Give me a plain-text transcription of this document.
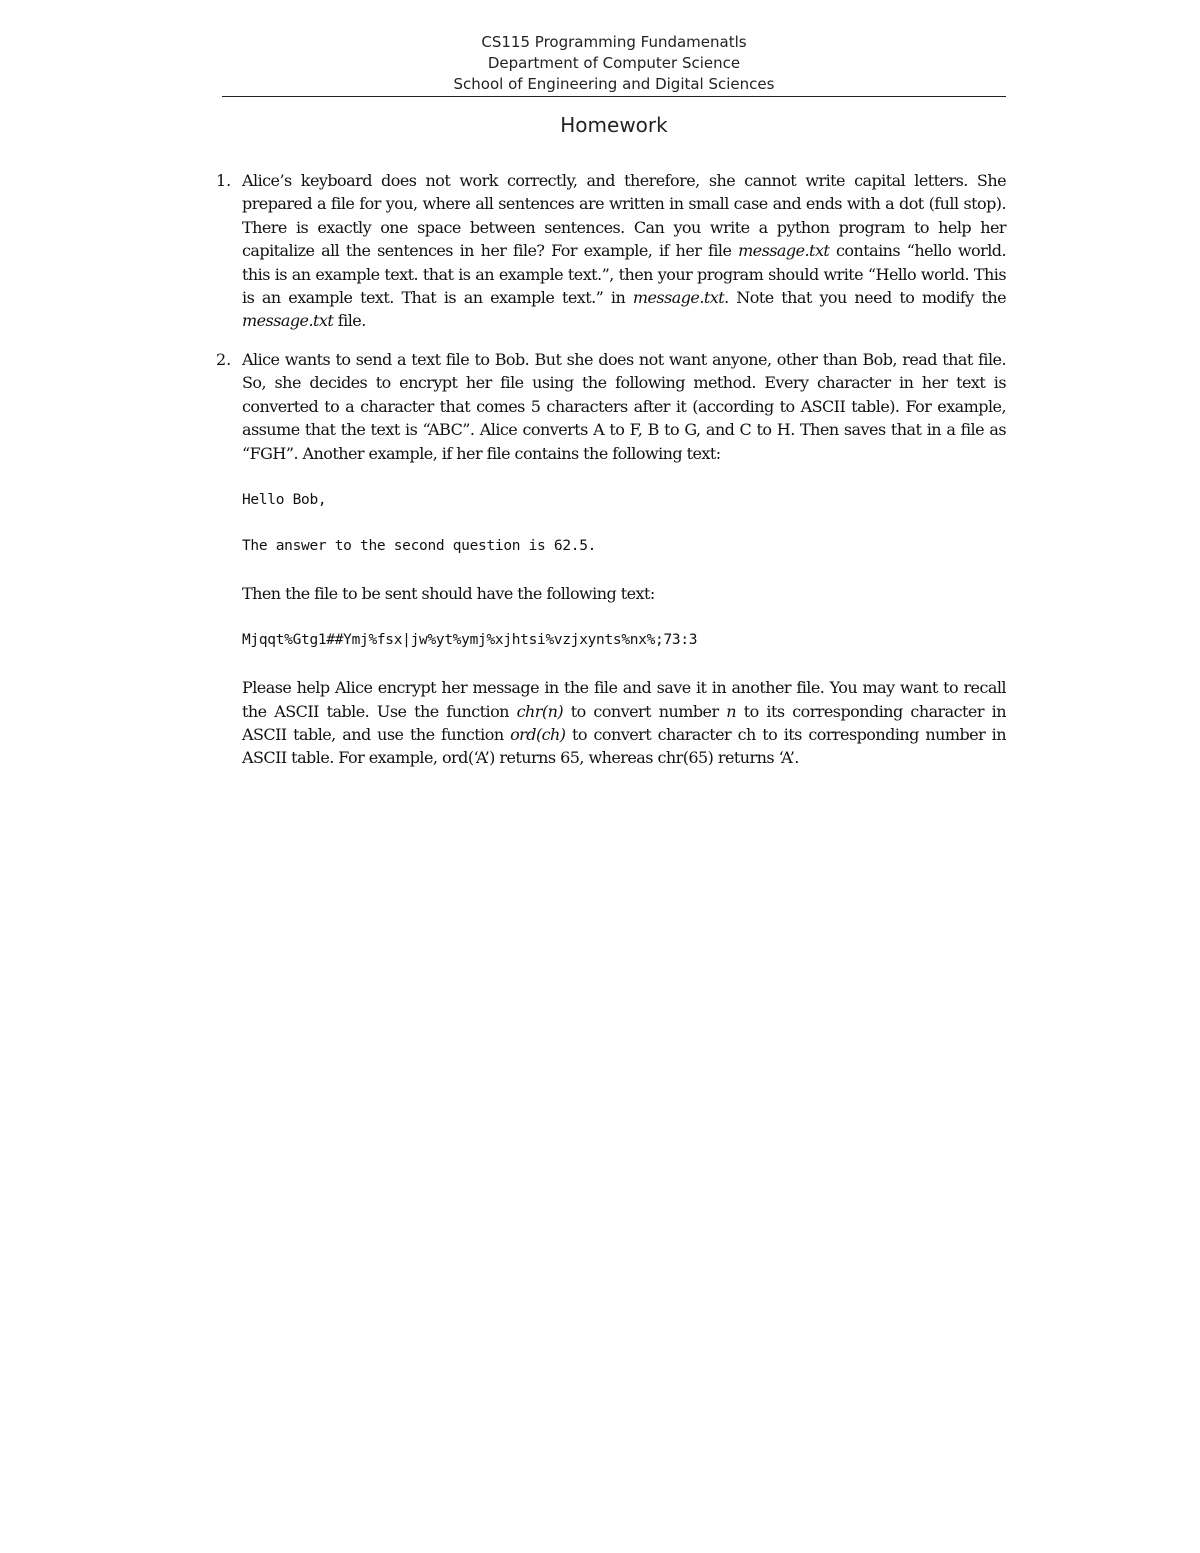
CS115 Programming Fundamenatls
Department of Computer Science
School of Engineering and Digital Sciences
Homework
1. Alice’s keyboard does not work correctly, and therefore, she cannot write capital letters. She prepared a file for you, where all sentences are written in small case and ends with a dot (full stop). There is exactly one space between sentences. Can you write a python program to help her capitalize all the sentences in her file? For example, if her file message.txt contains “hello world. this is an example text. that is an example text.”, then your program should write “Hello world. This is an example text. That is an example text.” in message.txt. Note that you need to modify the message.txt file.

2. Alice wants to send a text file to Bob. But she does not want anyone, other than Bob, read that file. So, she decides to encrypt her file using the following method. Every character in her text is converted to a character that comes 5 characters after it (according to ASCII table). For example, assume that the text is “ABC”. Alice converts A to F, B to G, and C to H. Then saves that in a file as “FGH”. Another example, if her file contains the following text:

Hello Bob,
The answer to the second question is 62.5.

Then the file to be sent should have the following text:

Mjqqt%Gtg1##Ymj%fsx|jw%yt%ymj%xjhtsi%vzjxynts%nx%;73:3

Please help Alice encrypt her message in the file and save it in another file. You may want to recall the ASCII table. Use the function chr(n) to convert number n to its corresponding character in ASCII table, and use the function ord(ch) to convert character ch to its corresponding number in ASCII table. For example, ord(‘A’) returns 65, whereas chr(65) returns ‘A’.
